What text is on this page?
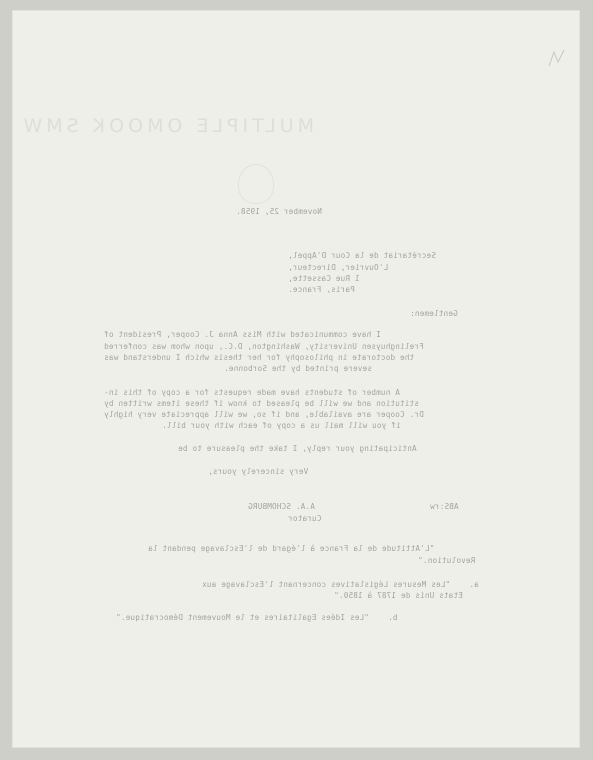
MULTIPLE OMOOK SMW
November 25, 1958.
Secrétariat de la Cour D'Appel,
L'Ouvrier, Directeur,
1 Rue Cassette,
Paris, France.
Gentlemen:
I have communicated with Miss Anna J. Cooper, President of
Frelinghuysen University, Washington, D.C., upon whom was conferred
the doctorate in philosophy for her thesis which I understand was
severe printed by the Sorbonne.
A number of students have made requests for a copy of this in-
stitution and we will be pleased to know if these items written by
Dr. Cooper are available, and if so, we will appreciate very highly
if you will mail us a copy of each with your bill.
Anticipating your reply, I take the pleasure to be
Very sincerely yours,
ABS:rw
A.A. SCHOMBURG
Curator
"L'Attitude de la France à l'égard de l'Esclavage pendant la
Revolution."
a.    "Les Mesures Législatives concernant l'Esclavage aux
Etats Unis de 1787 à 1850."
b.    "Les Idées Egalitaires et le Mouvement Démocratique."
